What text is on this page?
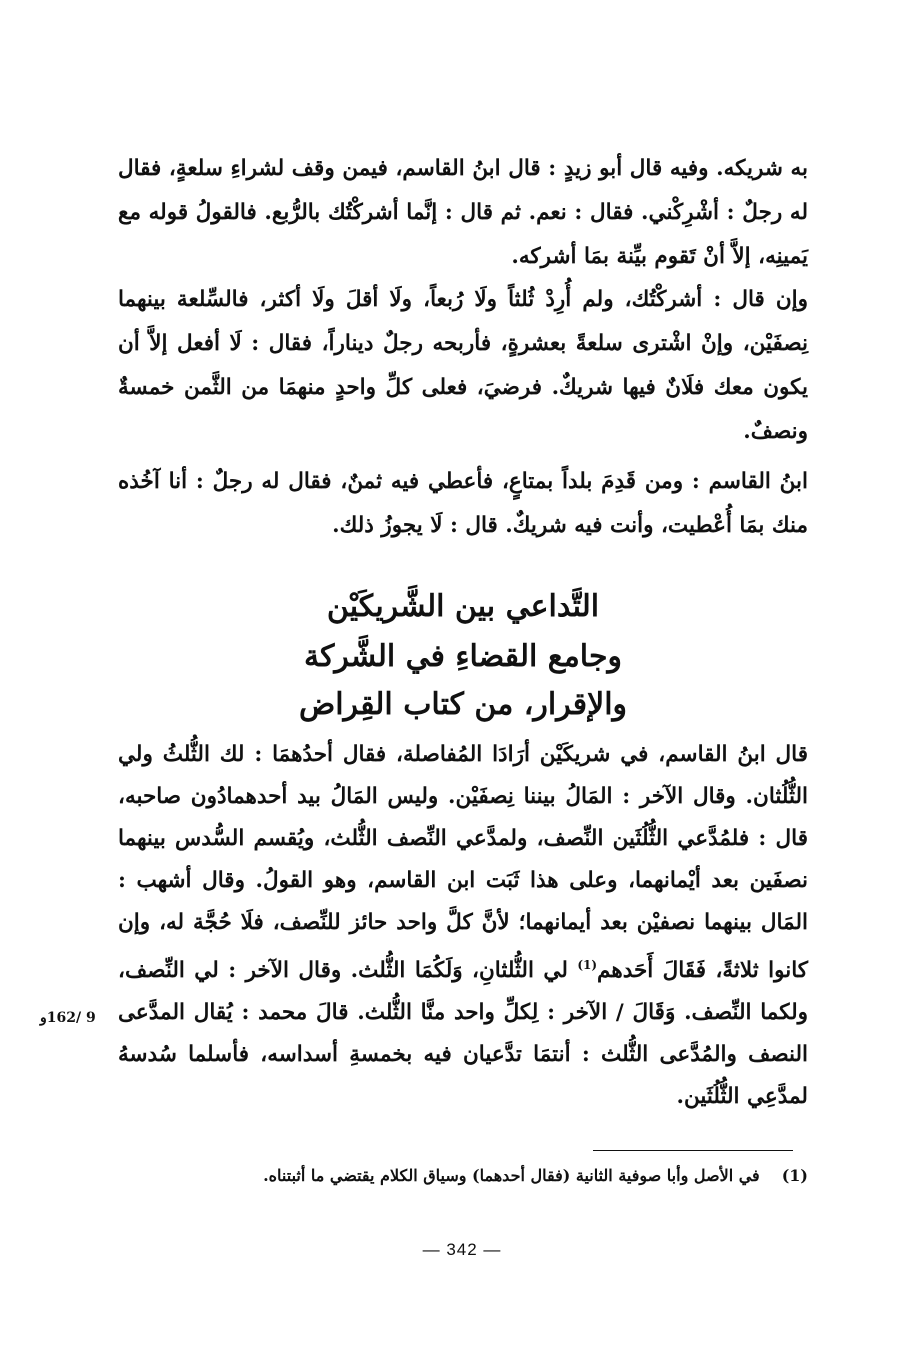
به شريكه. وفيه قال أبو زيدٍ : قال ابنُ القاسم، فيمن وقف لشراءِ سلعةٍ، فقال له رجلٌ : أشْرِكْني. فقال : نعم. ثم قال : إنَّما أشركْتُك بالرُّبع. فالقولُ قوله مع يَمينِه، إلاَّ أنْ تَقوم بيِّنة بمَا أشركه.

وإن قال : أشركْتُك، ولم أُرِدْ ثُلثاً ولَا رُبعاً، ولَا أقلَ ولَا أكثر، فالسِّلعة بينهما نِصفَيْن، وإنْ اشْترى سلعةً بعشرةٍ، فأربحه رجلٌ ديناراً، فقال : لَا أفعل إلاَّ أن يكون معك فلَانٌ فيها شريكٌ. فرضيَ، فعلى كلِّ واحدٍ منهمَا من الثَّمن خمسةٌ ونصفٌ.

ابنُ القاسم : ومن قَدِمَ بلداً بمتاعٍ، فأعطي فيه ثمنٌ، فقال له رجلٌ : أنا آخُذه منك بمَا أُعْطيت، وأنت فيه شريكٌ. قال : لَا يجوزُ ذلك.

التَّداعي بين الشَّريكَيْن
وجامع القضاءِ في الشَّركة
والإقرار، من كتاب القِراض

قال ابنُ القاسم، في شريكَيْن أرَادَا المُفاصلة، فقال أحدُهمَا : لك الثُّلثُ ولي الثُّلُثان. وقال الآخر : المَالُ بيننا نِصفَيْن. وليس المَالُ بيد أحدهمادُون صاحبه، قال : فلمُدَّعي الثُّلُثَين النِّصف، ولمدَّعي النِّصف الثُّلث، ويُقسم السُّدس بينهما نصفَين بعد أيْمانهما، وعلى هذا ثَبَت ابن القاسم، وهو القولُ. وقال أشهب : المَال بينهما نصفيْن بعد أيمانهما؛ لأنَّ كلَّ واحد حائز للنِّصف، فلَا حُجَّة له، وإن كانوا ثلاثةً، فَقَالَ أَحَدهم$^{(1)}$ لي الثُّلثانِ، وَلَكُمَا الثُّلث. وقال الآخر : لي النِّصف، ولكما النِّصف. وَقَالَ / الآخر : لِكلِّ واحد منَّا الثُّلث. قالَ محمد : يُقال المدَّعى النصف والمُدَّعى الثُّلث : أنتمَا تدَّعيان فيه بخمسةِ أسداسه، فأسلما سُدسهُ لمدَّعِي الثُّلُثَين.

9 /162و
(1)في الأصل وأبا صوفية الثانية (فقال أحدهما) وسياق الكلام يقتضي ما أثبتناه.
— 342 —
